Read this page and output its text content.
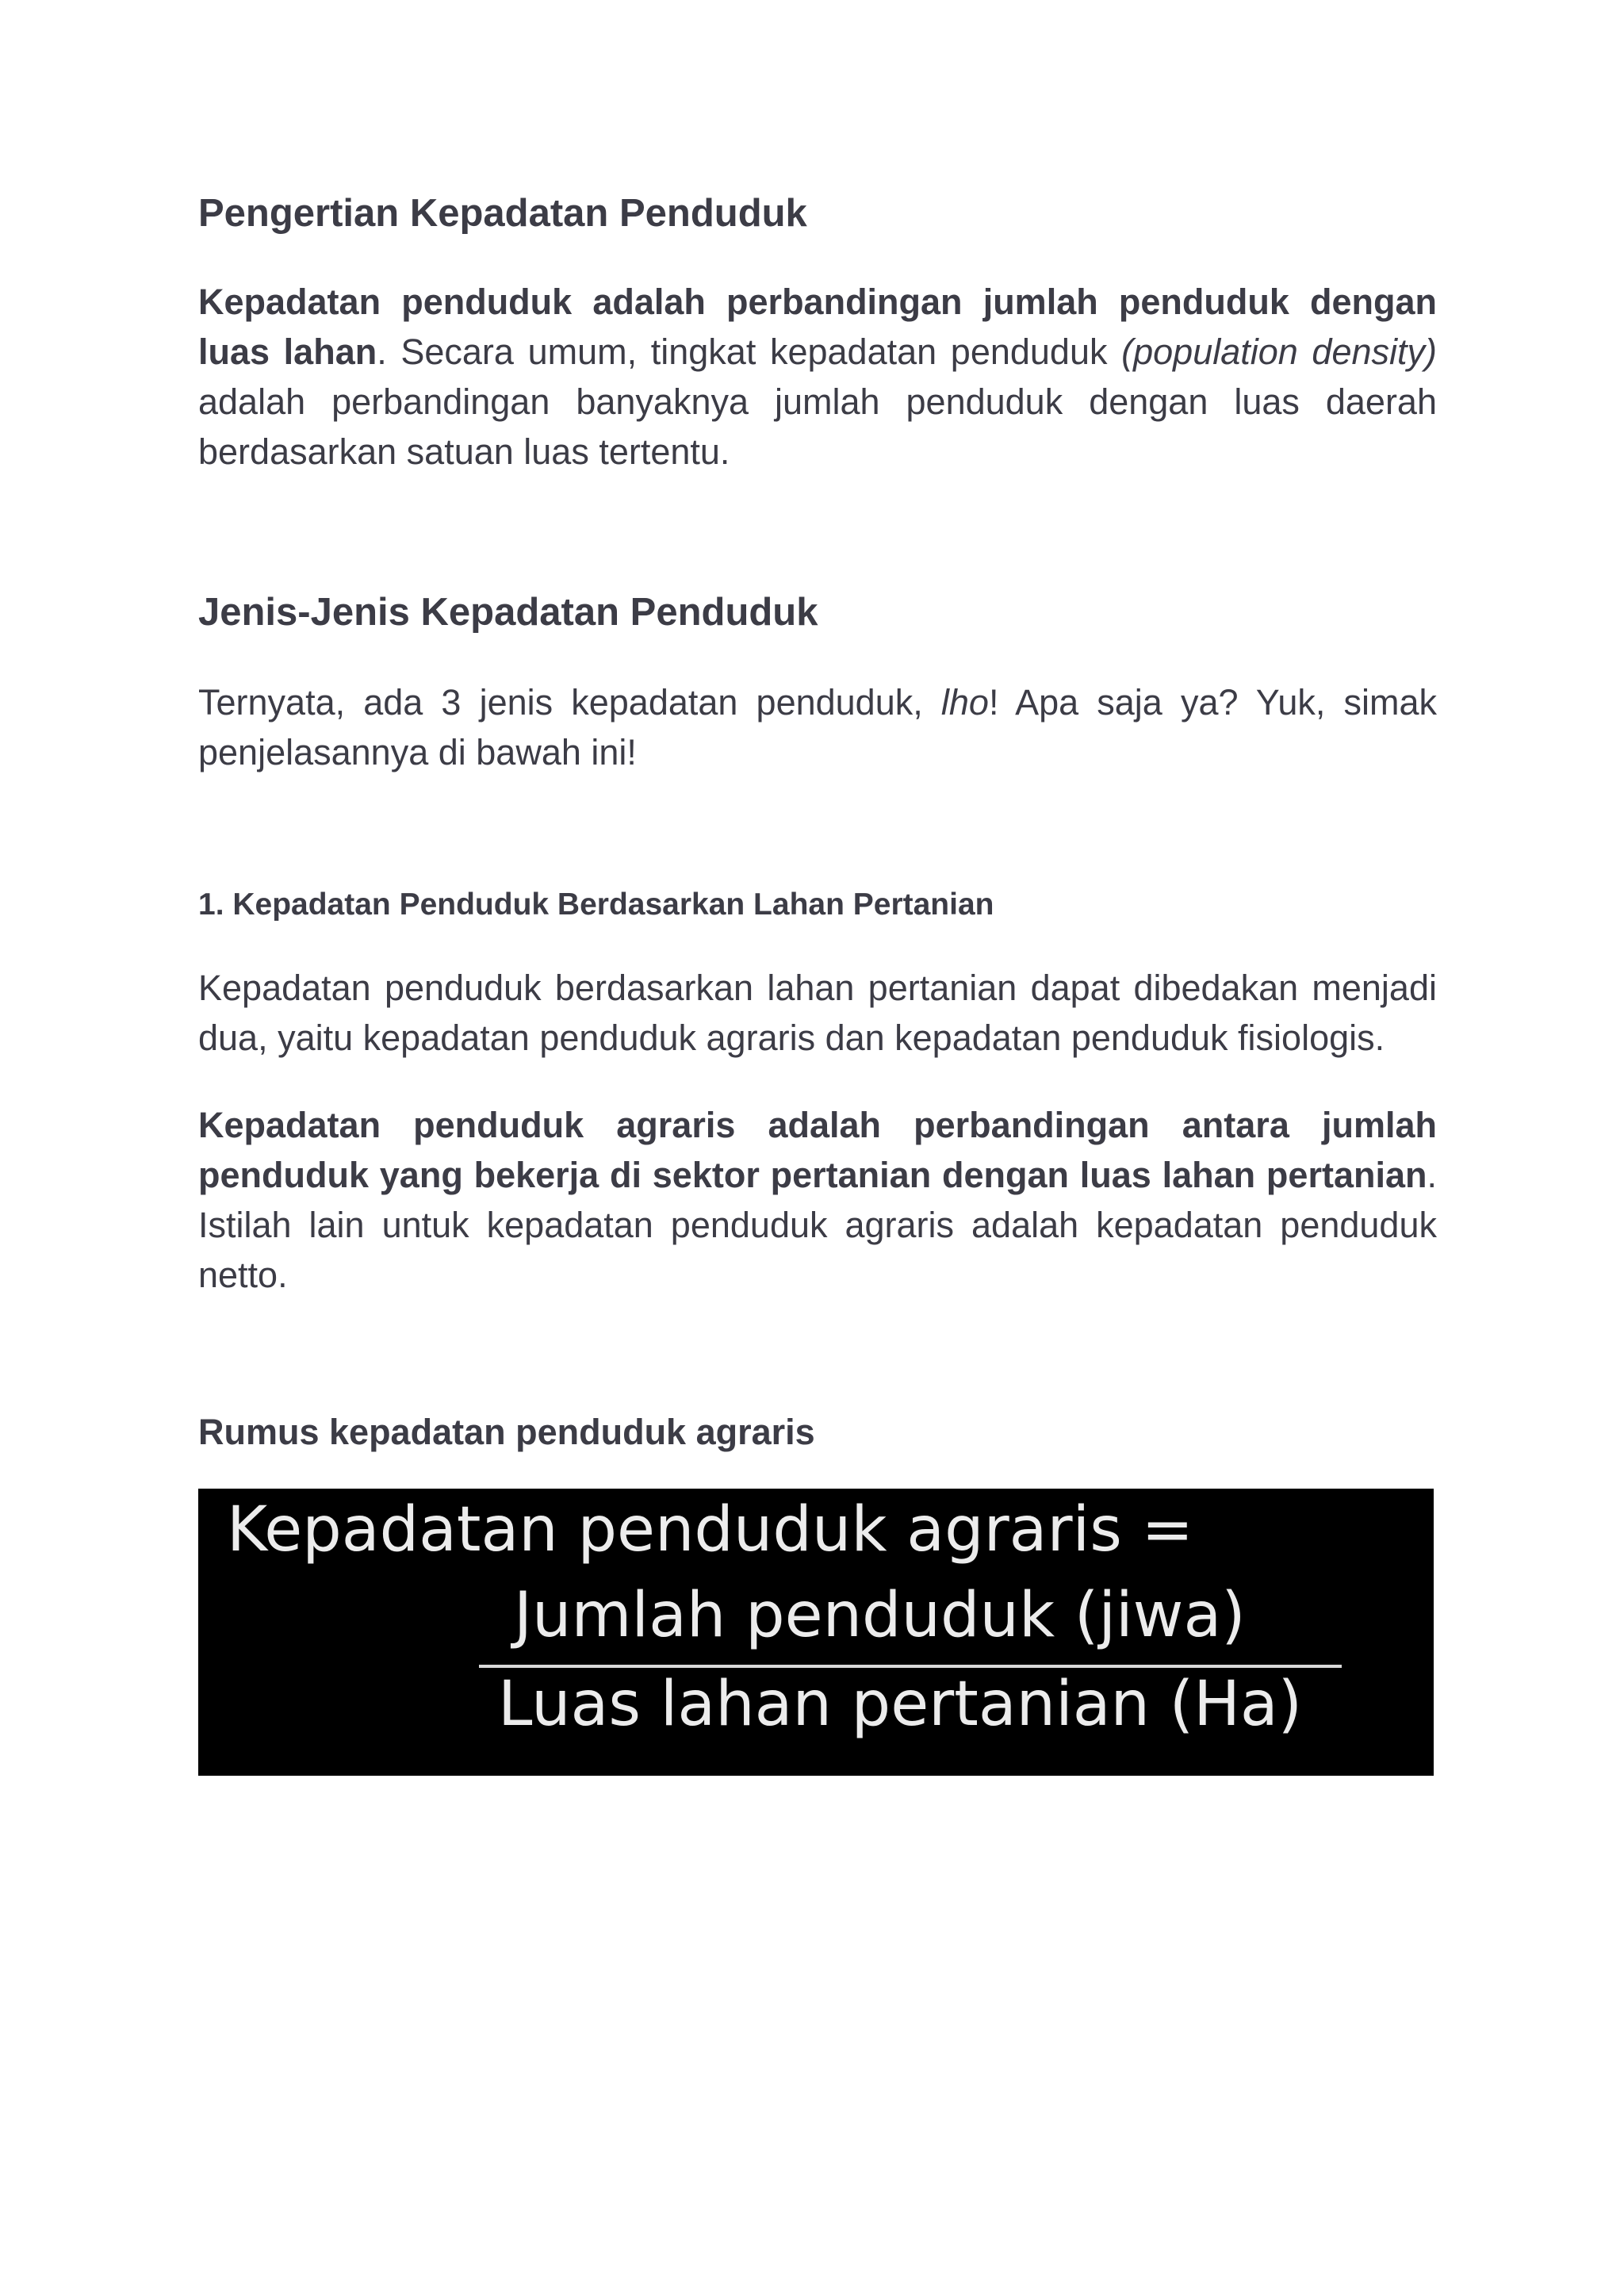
Pengertian Kepadatan Penduduk

Kepadatan penduduk adalah perbandingan jumlah penduduk dengan luas lahan. Secara umum, tingkat kepadatan penduduk (population density) adalah perbandingan banyaknya jumlah penduduk dengan luas daerah berdasarkan satuan luas tertentu.

Jenis-Jenis Kepadatan Penduduk

Ternyata, ada 3 jenis kepadatan penduduk, lho! Apa saja ya? Yuk, simak penjelasannya di bawah ini!

1. Kepadatan Penduduk Berdasarkan Lahan Pertanian

Kepadatan penduduk berdasarkan lahan pertanian dapat dibedakan menjadi dua, yaitu kepadatan penduduk agraris dan kepadatan penduduk fisiologis.

Kepadatan penduduk agraris adalah perbandingan antara jumlah penduduk yang bekerja di sektor pertanian dengan luas lahan pertanian. Istilah lain untuk kepadatan penduduk agraris adalah kepadatan penduduk netto.

Rumus kepadatan penduduk agraris
Kepadatan penduduk agraris =
Jumlah penduduk (jiwa)
Luas lahan pertanian (Ha)
